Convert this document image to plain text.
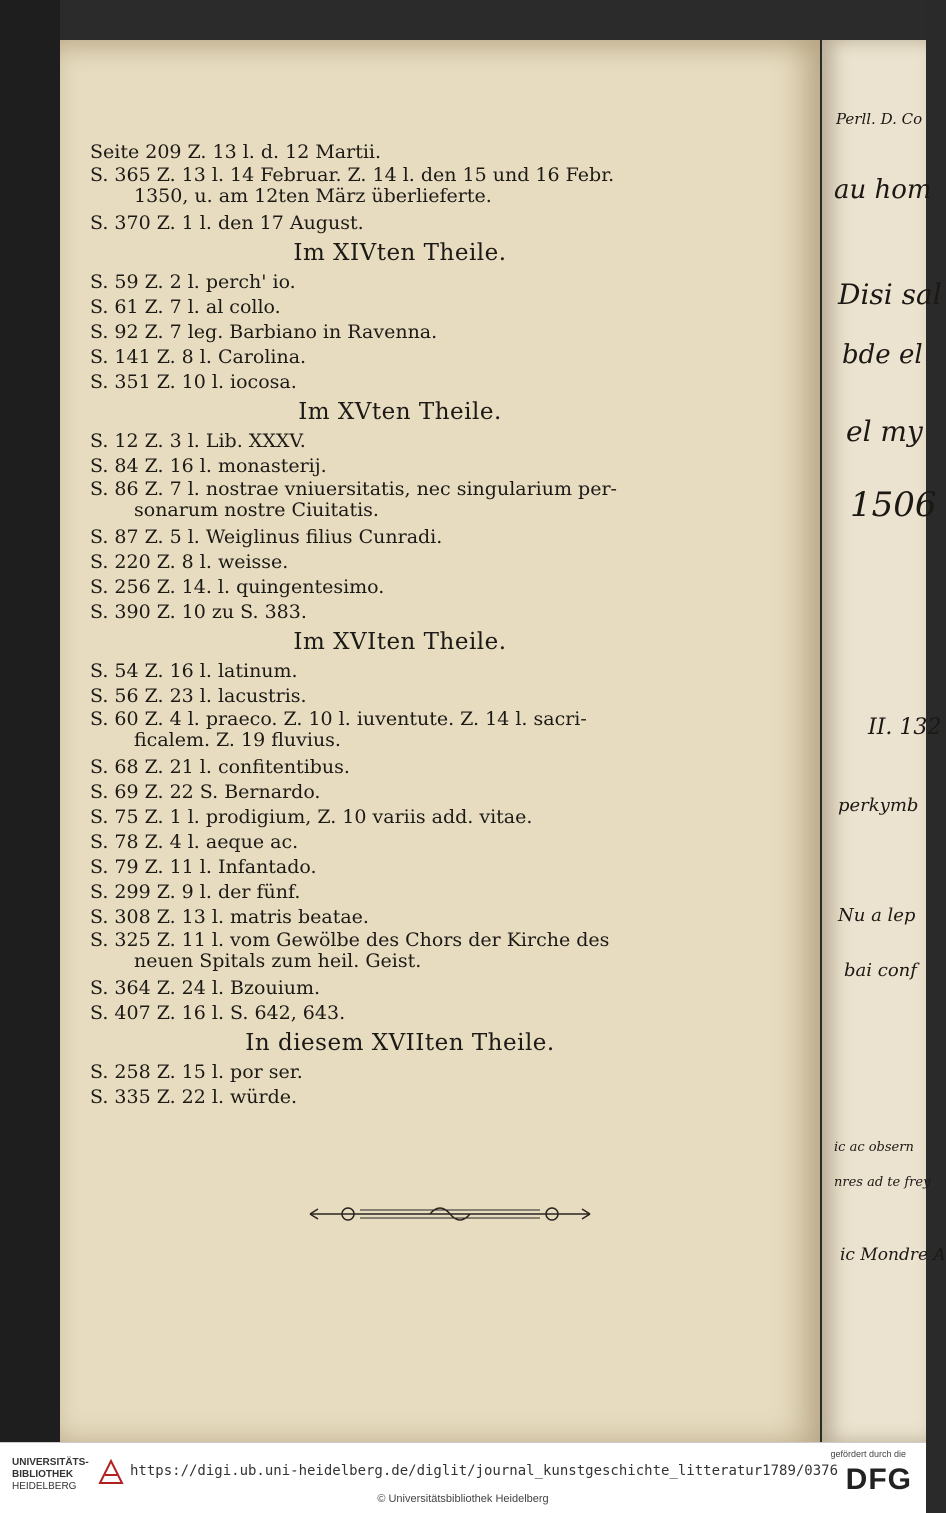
Seite 209 Z. 13 l. d. 12 Martii.
S. 365 Z. 13 l. 14 Februar. Z. 14 l. den 15 und 16 Febr.
1350, u. am 12ten März überlieferte.
S. 370 Z. 1 l. den 17 August.
Im XIVten Theile.
S. 59 Z. 2 l. perch' io.
S. 61 Z. 7 l. al collo.
S. 92 Z. 7 leg. Barbiano in Ravenna.
S. 141 Z. 8 l. Carolina.
S. 351 Z. 10 l. iocosa.
Im XVten Theile.
S. 12 Z. 3 l. Lib. XXXV.
S. 84 Z. 16 l. monasterij.
S. 86 Z. 7 l. nostrae vniuersitatis, nec singularium per-
sonarum nostre Ciuitatis.
S. 87 Z. 5 l. Weiglinus filius Cunradi.
S. 220 Z. 8 l. weisse.
S. 256 Z. 14. l. quingentesimo.
S. 390 Z. 10 zu S. 383.
Im XVIten Theile.
S. 54 Z. 16 l. latinum.
S. 56 Z. 23 l. lacustris.
S. 60 Z. 4 l. praeco. Z. 10 l. iuventute. Z. 14 l. sacri-
ficalem. Z. 19 fluvius.
S. 68 Z. 21 l. confitentibus.
S. 69 Z. 22 S. Bernardo.
S. 75 Z. 1 l. prodigium, Z. 10 variis add. vitae.
S. 78 Z. 4 l. aeque ac.
S. 79 Z. 11 l. Infantado.
S. 299 Z. 9 l. der fünf.
S. 308 Z. 13 l. matris beatae.
S. 325 Z. 11 l. vom Gewölbe des Chors der Kirche des
neuen Spitals zum heil. Geist.
S. 364 Z. 24 l. Bzouium.
S. 407 Z. 16 l. S. 642, 643.
In diesem XVIIten Theile.
S. 258 Z. 15 l. por ser.
S. 335 Z. 22 l. würde.
Perll. D. Co
au hom
Disi sal
bde el
el my
1506
II. 132
perkymb
Nu a lep
bai conf
ic ac obsern
nres ad te frey
ic Mondre A
UNIVERSITÄTS-
BIBLIOTHEK
HEIDELBERG
https://digi.ub.uni-heidelberg.de/diglit/journal_kunstgeschichte_litteratur1789/0376
© Universitätsbibliothek Heidelberg
gefördert durch die
DFG
